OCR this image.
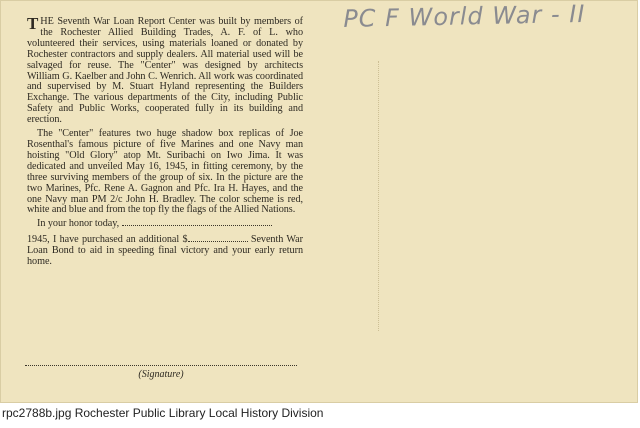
THE Seventh War Loan Report Center was built by members of the Rochester Allied Building Trades, A. F. of L. who volunteered their services, using materials loaned or donated by Rochester contractors and supply dealers. All material used will be salvaged for reuse. The "Center" was designed by architects William G. Kaelber and John C. Wenrich. All work was coordinated and supervised by M. Stuart Hyland representing the Builders Exchange. The various departments of the City, including Public Safety and Public Works, cooperated fully in its building and erection.

The "Center" features two huge shadow box replicas of Joe Rosenthal's famous picture of five Marines and one Navy man hoisting "Old Glory" atop Mt. Suribachi on Iwo Jima. It was dedicated and unveiled May 16, 1945, in fitting ceremony, by the three surviving members of the group of six. In the picture are the two Marines, Pfc. Rene A. Gagnon and Pfc. Ira H. Hayes, and the one Navy man PM 2/c John H. Bradley. The color scheme is red, white and blue and from the top fly the flags of the Allied Nations.

In your honor today,

1945, I have purchased an additional $	Seventh War Loan Bond to aid in speeding final victory and your early return home.

(Signature)
PC F World War - II
rpc2788b.jpg Rochester Public Library Local History Division
